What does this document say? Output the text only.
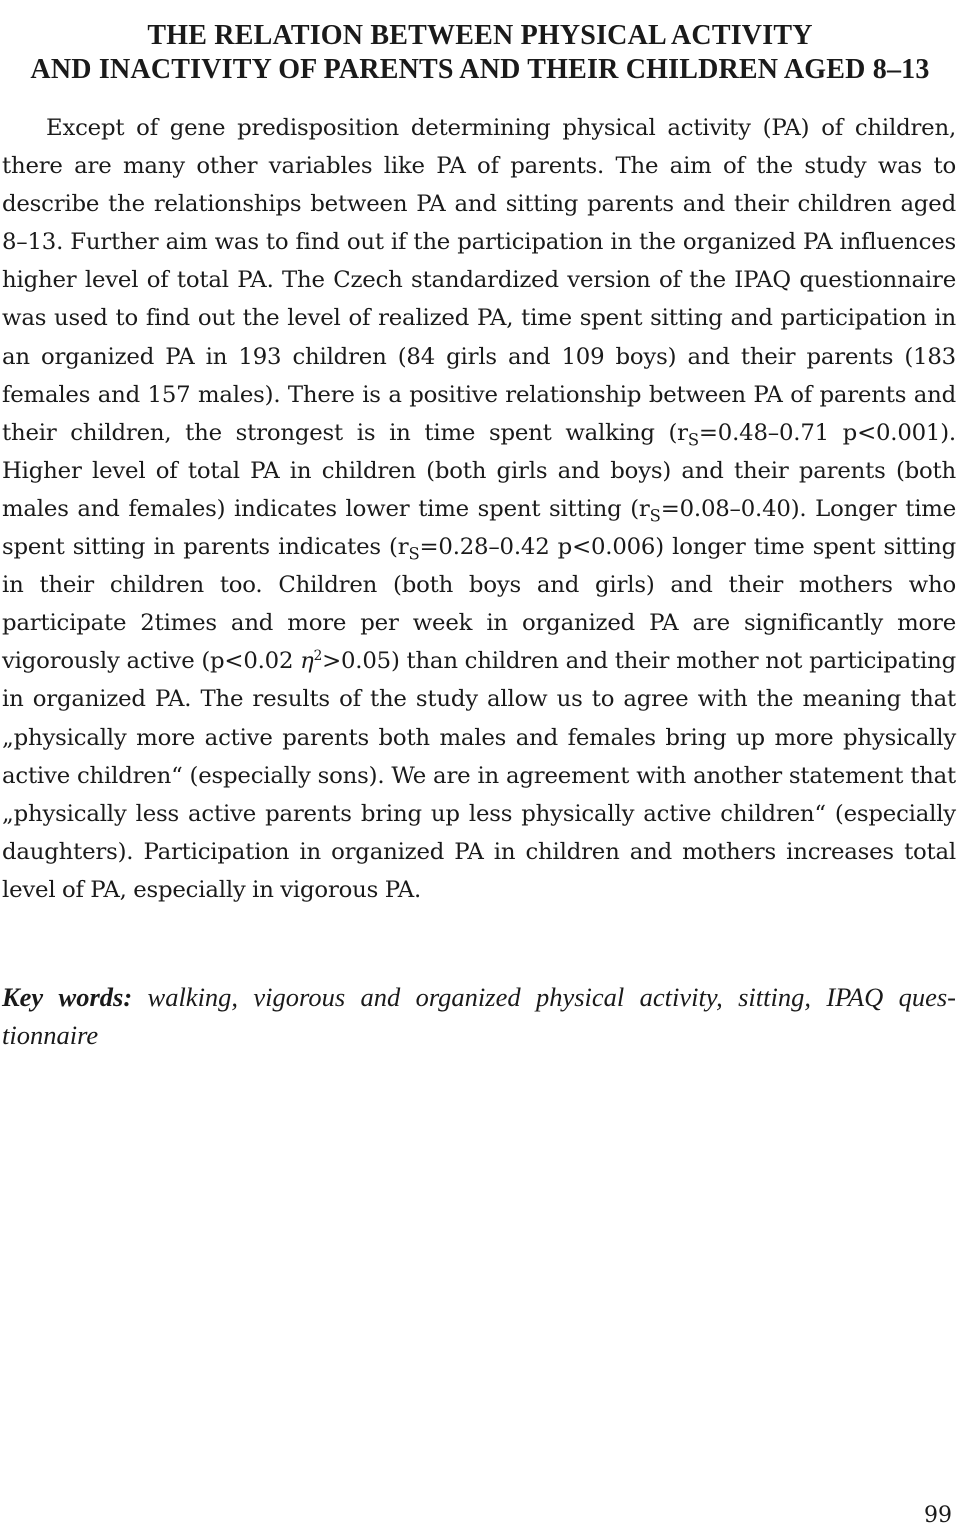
THE RELATION BETWEEN PHYSICAL ACTIVITY
AND INACTIVITY OF PARENTS AND THEIR CHILDREN AGED 8–13

Except of gene predisposition determining physical activity (PA) of children, there are many other variables like PA of parents. The aim of the study was to describe the relationships between PA and sitting parents and their children aged 8–13. Further aim was to find out if the participation in the organized PA influences higher level of total PA. The Czech standardized version of the IPAQ questionnaire was used to find out the level of realized PA, time spent sitting and participation in an organized PA in 193 children (84 girls and 109 boys) and their parents (183 females and 157 males). There is a positive relationship between PA of parents and their children, the strongest is in time spent walking ($r_S=0.48-0.71$ p<0.001). Higher level of total PA in children (both girls and boys) and their parents (both males and females) indicates lower time spent sitting $(r_S=0.08-0.40)$. Longer time spent sitting in parents indicates ($r_S=0.28-0.42$ p<0.006) longer time spent sitting in their children too. Children (both boys and girls) and their mothers who participate 2times and more per week in organized PA are significantly more vigorously active (p<0.02 $\eta^2>0.05$) than children and their mother not participating in organized PA. The results of the study allow us to agree with the meaning that „physically more active parents both males and females bring up more physically active children“ (especially sons). We are in agreement with another statement that „physically less active parents bring up less physically active children“ (especially daughters). Participation in organized PA in children and mothers increases total level of PA, especially in vigorous PA.

Key words: walking, vigorous and organized physical activity, sitting, IPAQ questionnaire

99
